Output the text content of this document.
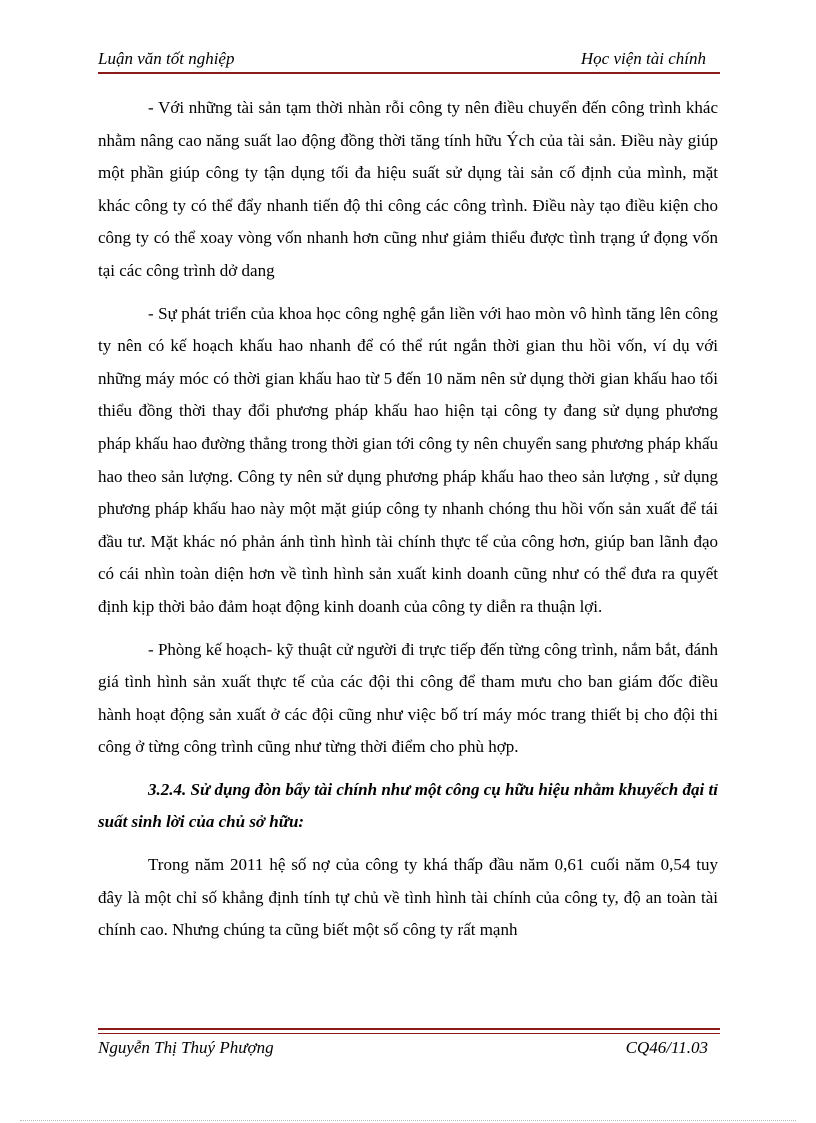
Luận văn tốt nghiệp	Học viện tài chính

- Với những tài sản tạm thời nhàn rỗi công ty nên điều chuyển đến công trình khác nhằm nâng cao năng suất lao động đồng thời tăng tính hữu Ých của tài sản. Điều này giúp một phần giúp công ty tận dụng tối đa hiệu suất sử dụng tài sản cố định của mình, mặt khác công ty có thể đẩy nhanh tiến độ thi công các công trình. Điều này tạo điều kiện cho công ty có thể xoay vòng vốn nhanh hơn cũng như giảm thiểu được tình trạng ứ đọng vốn tại các công trình dở dang

- Sự phát triển của khoa học công nghệ gắn liền với hao mòn vô hình tăng lên công ty nên có kế hoạch khấu hao nhanh để có thể rút ngắn thời gian thu hồi vốn, ví dụ với những máy móc có thời gian khấu hao từ 5 đến 10 năm nên sử dụng thời gian khấu hao tối thiểu đồng thời thay đổi phương pháp khấu hao hiện tại công ty đang sử dụng phương pháp khấu hao đường thẳng trong thời gian tới công ty nên chuyển sang phương pháp khấu hao theo sản lượng. Công ty nên sử dụng phương pháp khấu hao theo sản lượng , sử dụng phương pháp khấu hao này một mặt giúp công ty nhanh chóng thu hồi vốn sản xuất để tái đầu tư. Mặt khác nó phản ánh tình hình tài chính thực tế của công hơn, giúp ban lãnh đạo có cái nhìn toàn diện hơn về tình hình sản xuất kinh doanh cũng như có thể đưa ra quyết định kịp thời bảo đảm hoạt động kinh doanh của công ty diễn ra thuận lợi.

- Phòng kế hoạch- kỹ thuật cử người đi trực tiếp đến từng công trình, nắm bắt, đánh giá tình hình sản xuất thực tế của các đội thi công để tham mưu cho ban giám đốc điều hành hoạt động sản xuất ở các đội cũng như việc bố trí máy móc trang thiết bị cho đội thi công ở từng công trình cũng như từng thời điểm cho phù hợp.

3.2.4. Sử dụng đòn bẩy tài chính như một công cụ hữu hiệu nhằm khuyếch đại tỉ suất sinh lời của chủ sở hữu:

Trong năm 2011 hệ số nợ của công ty khá thấp đầu năm 0,61 cuối năm 0,54 tuy đây là một chỉ số khẳng định tính tự chủ về tình hình tài chính của công ty, độ an toàn tài chính cao. Nhưng chúng ta cũng biết một số công ty rất mạnh

Nguyễn Thị Thuý Phượng	CQ46/11.03
